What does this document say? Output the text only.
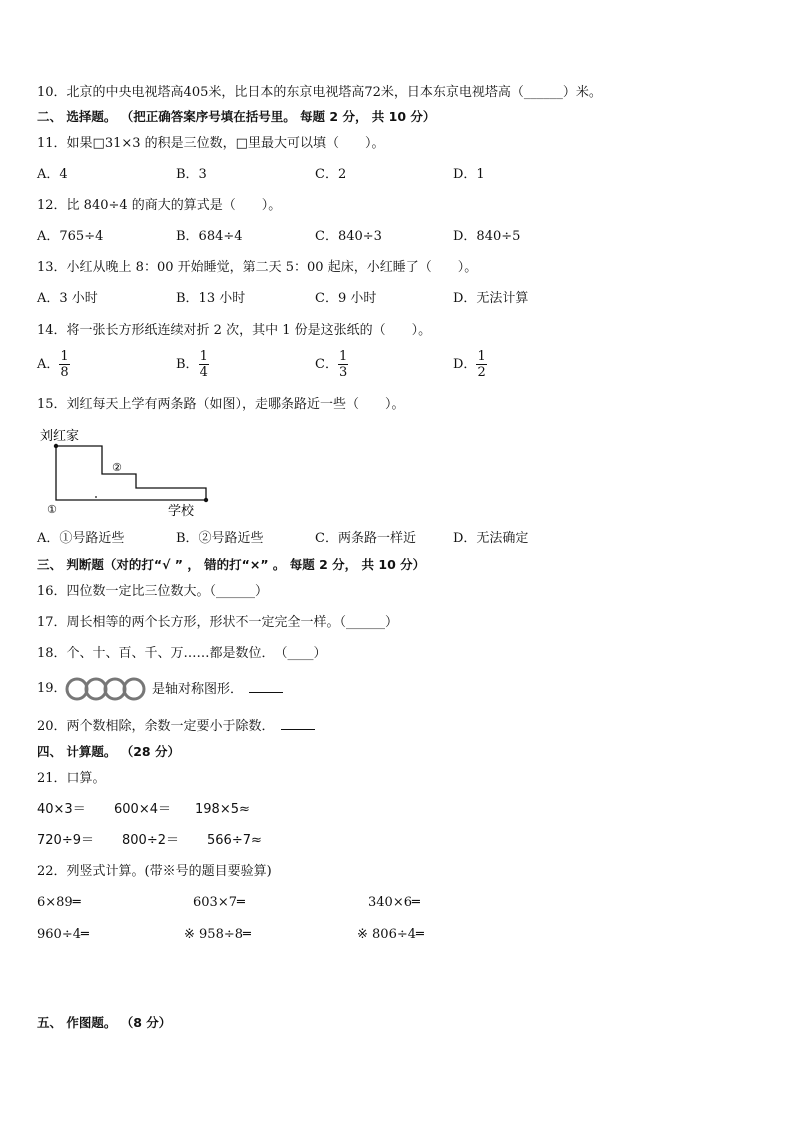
10．北京的中央电视塔高405米，比日本的东京电视塔高72米，日本东京电视塔高（______）米。
二、 选择题。 （把正确答案序号填在括号里。 每题 2 分， 共 10 分）
11．如果□31×3 的积是三位数，□里最大可以填（　　）。
A．4	B．3	C．2	D．1
12．比 840÷4 的商大的算式是（　　）。
A．765÷4	B．684÷4	C．840÷3	D．840÷5
13．小红从晚上 8：00 开始睡觉，第二天 5：00 起床，小红睡了（　　）。
A．3 小时	B．13 小时	C．9 小时	D．无法计算
14．将一张长方形纸连续对折 2 次，其中 1 份是这张纸的（　　）。
A． $\frac{1}{8}$	B． $\frac{1}{4}$	C． $\frac{1}{3}$	D． $\frac{1}{2}$
15．刘红每天上学有两条路（如图），走哪条路近一些（　　）。
刘红家
②
①	学校
A．①号路近些	B．②号路近些	C．两条路一样近	D．无法确定
三、 判断题（对的打“√ ” ， 错的打“×” 。 每题 2 分， 共 10 分）
16．四位数一定比三位数大。（______）
17．周长相等的两个长方形，形状不一定完全一样。（______）
18．个、十、百、千、万……都是数位．　（____）
19．	是轴对称图形．
20．两个数相除，余数一定要小于除数．
四、 计算题。 （28 分）
21．口算。
40×3＝ 600×4＝ 198×5≈
720÷9＝ 800÷2＝ 566÷7≈
22．列竖式计算。(带※号的题目要验算)
6×89═	603×7═	340×6═
960÷4═	※ 958÷8═	※ 806÷4═
五、 作图题。 （8 分）
